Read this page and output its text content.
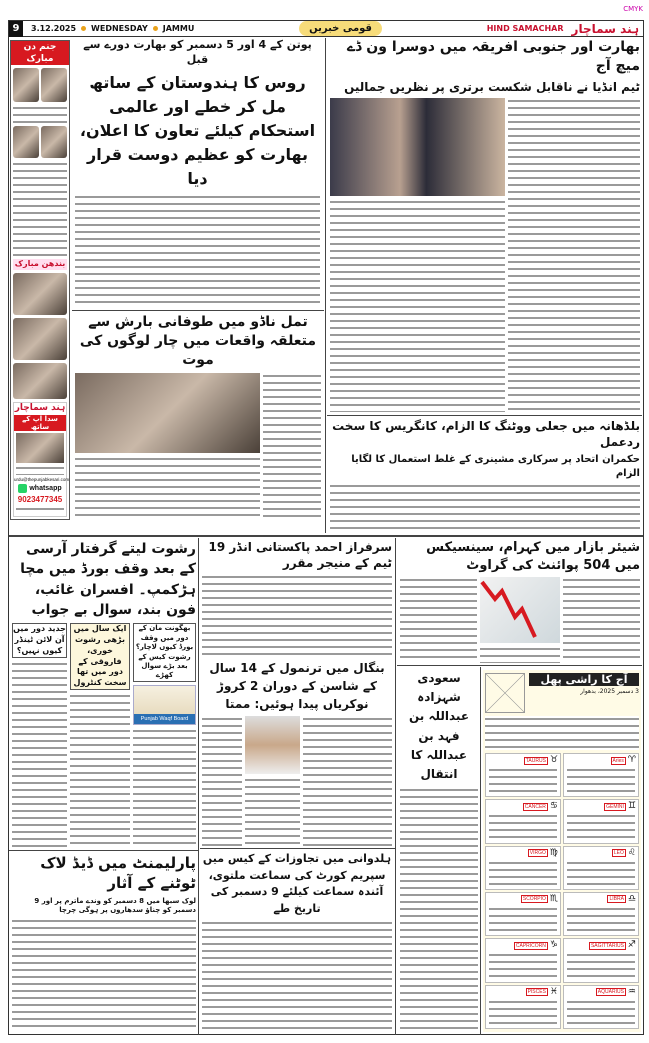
CMYK
9	3.12.2025 WEDNESDAY JAMMU	قومی خبریں	HIND SAMACHAR ہند سماچار
جنم دن مبارک
بندھن مبارک
ہند سماچار
سدا آپ کے ساتھ
urdu@thepunjabkesari.com
whatsapp
9023477345
پوتن کے 4 اور 5 دسمبر کو بھارت دورے سے قبل
روس کا ہندوستان کے ساتھ مل کر خطے اور عالمی استحکام کیلئے تعاون کا اعلان، بھارت کو عظیم دوست قرار دیا
تمل ناڈو میں طوفانی بارش سے متعلقہ واقعات میں چار لوگوں کی موت
بھارت اور جنوبی افریقہ میں دوسرا ون ڈے میچ آج
ٹیم انڈیا نے ناقابل شکست برتری پر نظریں جمالیں
بلڈھانہ میں جعلی ووٹنگ کا الزام، کانگریس کا سخت ردعمل
حکمران اتحاد پر سرکاری مشینری کے غلط استعمال کا لگایا الزام
رشوت لیتے گرفتار آرسی کے بعد وقف بورڈ میں مچا ہڑکمپ۔ افسران غائب، فون بند، سوال بے جواب
جدید دور میں آن لائن ٹینڈر کیوں نہیں؟
ایک سال میں بڑھی رشوت خوری، فاروقی کے دور میں تھا سخت کنٹرول
بھگونت مان کے دور میں وقف بورڈ کیوں لاچار؟ رشوت کیس کے بعد بڑے سوال کھڑے
Punjab Waqf Board
سرفراز احمد پاکستانی انڈر 19 ٹیم کے منیجر مقرر
بنگال میں ترنمول کے 14 سال کے شاسن کے دوران 2 کروڑ نوکریاں پیدا ہوئیں: ممتا
ہلدوانی میں تجاوزات کے کیس میں سپریم کورٹ کی سماعت ملتوی، آئندہ سماعت کیلئے 9 دسمبر کی تاریخ طے
پارلیمنٹ میں ڈیڈ لاک ٹوٹنے کے آثار
لوک سبھا میں 8 دسمبر کو وندے ماترم پر اور 9 دسمبر کو چناؤ سدھاروں پر ہوگی چرچا
شیئر بازار میں کہرام، سینسیکس میں 504 پوائنٹ کی گراوٹ
سعودی شہزادہ عبداللہ بن فہد بن عبداللہ کا انتقال
آج کا راشی پھل
3 دسمبر 2025، بدھوار
TAURUS ♉	Aries ♈
CANCER ♋	GEMINI ♊
VIRGO ♍	LEO ♌
SCORPIO ♏	LIBRA ♎
CAPRICORN ♑	SAGITTARIUS ♐
PISCES ♓	AQUARIUS ♒
